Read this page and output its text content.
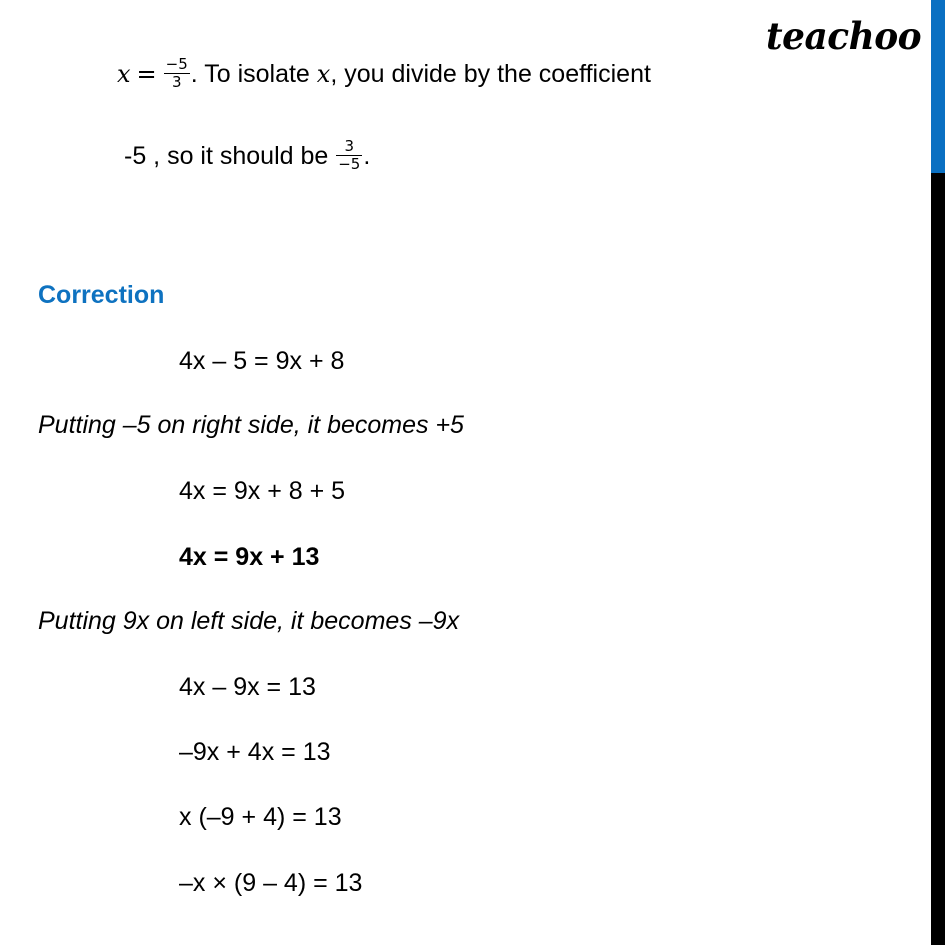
teachoo
$x = \frac{-5}{3}$ . To isolate x, you divide by the coefficient
-5 , so it should be $\frac{3}{-5}$ .
Correction
4x – 5 = 9x + 8
Putting –5 on right side, it becomes +5
4x = 9x + 8 + 5
4x = 9x + 13
Putting 9x on left side, it becomes –9x
4x – 9x = 13
–9x + 4x = 13
x (–9 + 4) = 13
–x × (9 – 4) = 13
